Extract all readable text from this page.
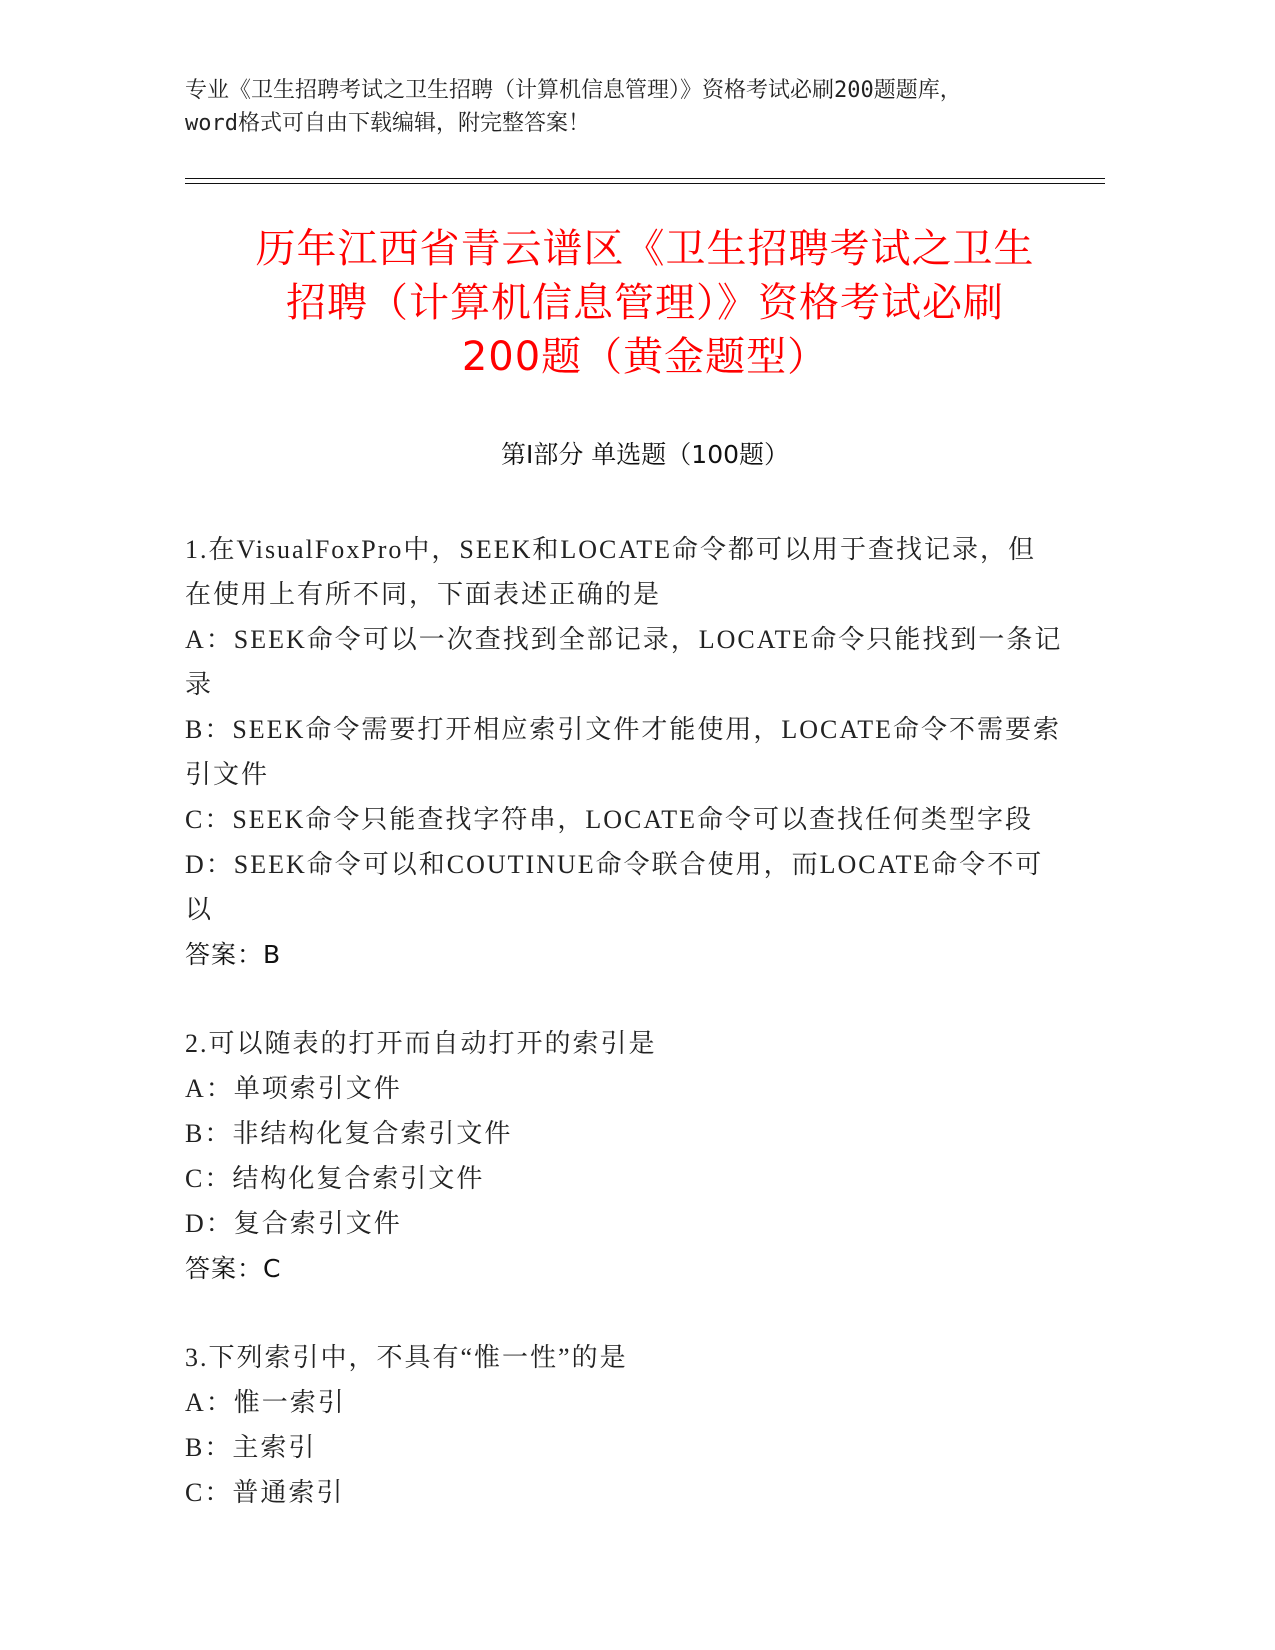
专业《卫生招聘考试之卫生招聘（计算机信息管理）》资格考试必刷200题题库，
word格式可自由下载编辑，附完整答案！
历年江西省青云谱区《卫生招聘考试之卫生
招聘（计算机信息管理）》资格考试必刷
200题（黄金题型）
第Ⅰ部分 单选题（100题）
1.在VisualFoxPro中，SEEK和LOCATE命令都可以用于查找记录，但
在使用上有所不同，下面表述正确的是
A：SEEK命令可以一次查找到全部记录，LOCATE命令只能找到一条记
录
B：SEEK命令需要打开相应索引文件才能使用，LOCATE命令不需要索
引文件
C：SEEK命令只能查找字符串，LOCATE命令可以查找任何类型字段
D：SEEK命令可以和COUTINUE命令联合使用，而LOCATE命令不可以
答案：B
2.可以随表的打开而自动打开的索引是
A：单项索引文件
B：非结构化复合索引文件
C：结构化复合索引文件
D：复合索引文件
答案：C
3.下列索引中，不具有“惟一性”的是
A：惟一索引
B：主索引
C：普通索引
